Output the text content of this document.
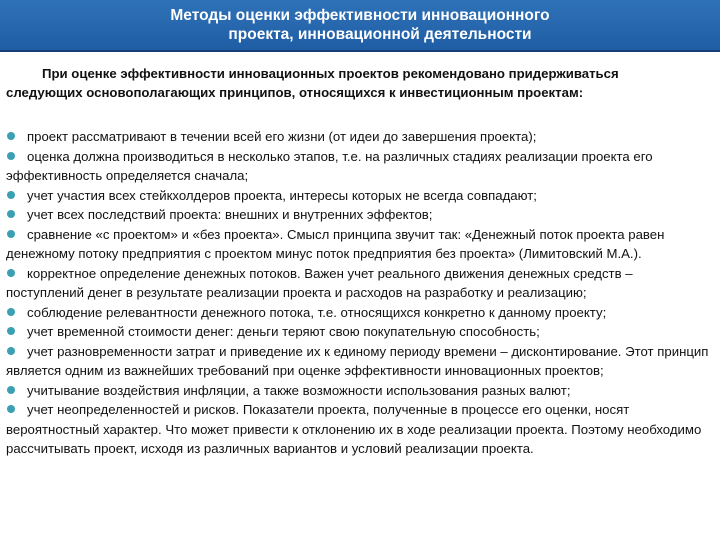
Методы оценки эффективности инновационного
проекта, инновационной деятельности
При оценке эффективности инновационных проектов рекомендовано придерживаться
следующих основополагающих принципов, относящихся к инвестиционным проектам:
проект рассматривают в течении всей его жизни (от идеи до завершения проекта);
оценка должна производиться в несколько этапов, т.е. на различных стадиях реализации проекта его эффективность определяется сначала;
учет участия всех стейкхолдеров проекта, интересы которых не всегда совпадают;
учет всех последствий проекта: внешних и внутренних эффектов;
сравнение «с проектом» и «без проекта». Смысл принципа звучит так: «Денежный поток проекта равен денежному потоку предприятия с проектом минус поток предприятия без проекта» (Лимитовский М.А.).
корректное определение денежных потоков. Важен учет реального движения денежных средств – поступлений денег в результате реализации проекта и расходов на разработку и реализацию;
соблюдение релевантности денежного потока, т.е. относящихся конкретно к данному проекту;
учет временной стоимости денег: деньги теряют свою покупательную способность;
учет разновременности затрат и приведение их к единому периоду времени – дисконтирование. Этот принцип является одним из важнейших требований при оценке эффективности инновационных проектов;
учитывание воздействия инфляции, а также возможности использования разных валют;
учет неопределенностей и рисков. Показатели проекта, полученные в процессе его оценки, носят вероятностный характер. Что может привести к отклонению их в ходе реализации проекта. Поэтому необходимо рассчитывать проект, исходя из различных вариантов и условий реализации проекта.
